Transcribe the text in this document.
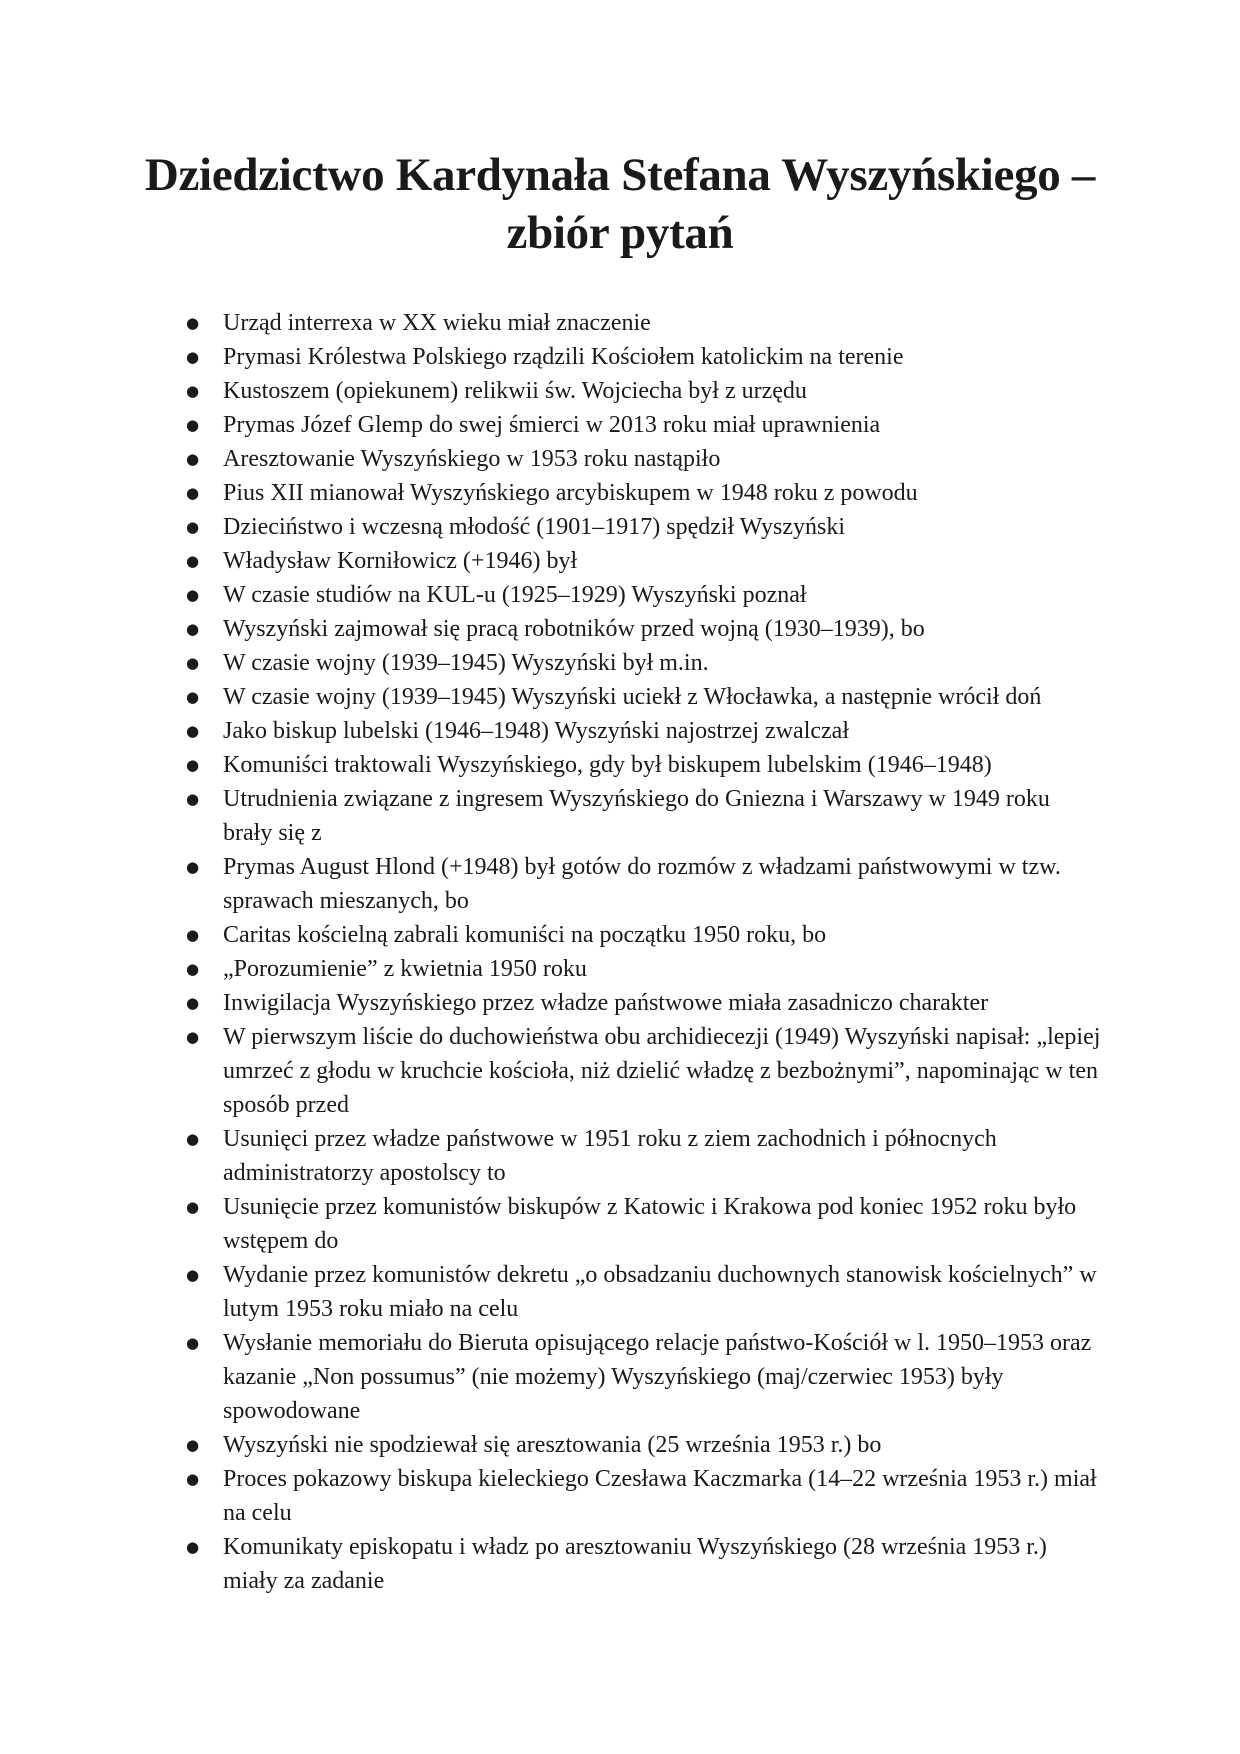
Dziedzictwo Kardynała Stefana Wyszyńskiego –
zbiór pytań
● Urząd interrexa w XX wieku miał znaczenie
● Prymasi Królestwa Polskiego rządzili Kościołem katolickim na terenie
● Kustoszem (opiekunem) relikwii św. Wojciecha był z urzędu
● Prymas Józef Glemp do swej śmierci w 2013 roku miał uprawnienia
● Aresztowanie Wyszyńskiego w 1953 roku nastąpiło
● Pius XII mianował Wyszyńskiego arcybiskupem w 1948 roku z powodu
● Dzieciństwo i wczesną młodość (1901–1917) spędził Wyszyński
● Władysław Korniłowicz (+1946) był
● W czasie studiów na KUL-u (1925–1929) Wyszyński poznał
● Wyszyński zajmował się pracą robotników przed wojną (1930–1939), bo
● W czasie wojny (1939–1945) Wyszyński był m.in.
● W czasie wojny (1939–1945) Wyszyński uciekł z Włocławka, a następnie wrócił doń
● Jako biskup lubelski (1946–1948) Wyszyński najostrzej zwalczał
● Komuniści traktowali Wyszyńskiego, gdy był biskupem lubelskim (1946–1948)
● Utrudnienia związane z ingresem Wyszyńskiego do Gniezna i Warszawy w 1949 roku brały się z
● Prymas August Hlond (+1948) był gotów do rozmów z władzami państwowymi w tzw. sprawach mieszanych, bo
● Caritas kościelną zabrali komuniści na początku 1950 roku, bo
● „Porozumienie” z kwietnia 1950 roku
● Inwigilacja Wyszyńskiego przez władze państwowe miała zasadniczo charakter
● W pierwszym liście do duchowieństwa obu archidiecezji (1949) Wyszyński napisał: „lepiej umrzeć z głodu w kruchcie kościoła, niż dzielić władzę z bezbożnymi”, napominając w ten sposób przed
● Usunięci przez władze państwowe w 1951 roku z ziem zachodnich i północnych administratorzy apostolscy to
● Usunięcie przez komunistów biskupów z Katowic i Krakowa pod koniec 1952 roku było wstępem do
● Wydanie przez komunistów dekretu „o obsadzaniu duchownych stanowisk kościelnych” w lutym 1953 roku miało na celu
● Wysłanie memoriału do Bieruta opisującego relacje państwo-Kościół w l. 1950–1953 oraz kazanie „Non possumus” (nie możemy) Wyszyńskiego (maj/czerwiec 1953) były spowodowane
● Wyszyński nie spodziewał się aresztowania (25 września 1953 r.) bo
● Proces pokazowy biskupa kieleckiego Czesława Kaczmarka (14–22 września 1953 r.) miał na celu
● Komunikaty episkopatu i władz po aresztowaniu Wyszyńskiego (28 września 1953 r.) miały za zadanie
